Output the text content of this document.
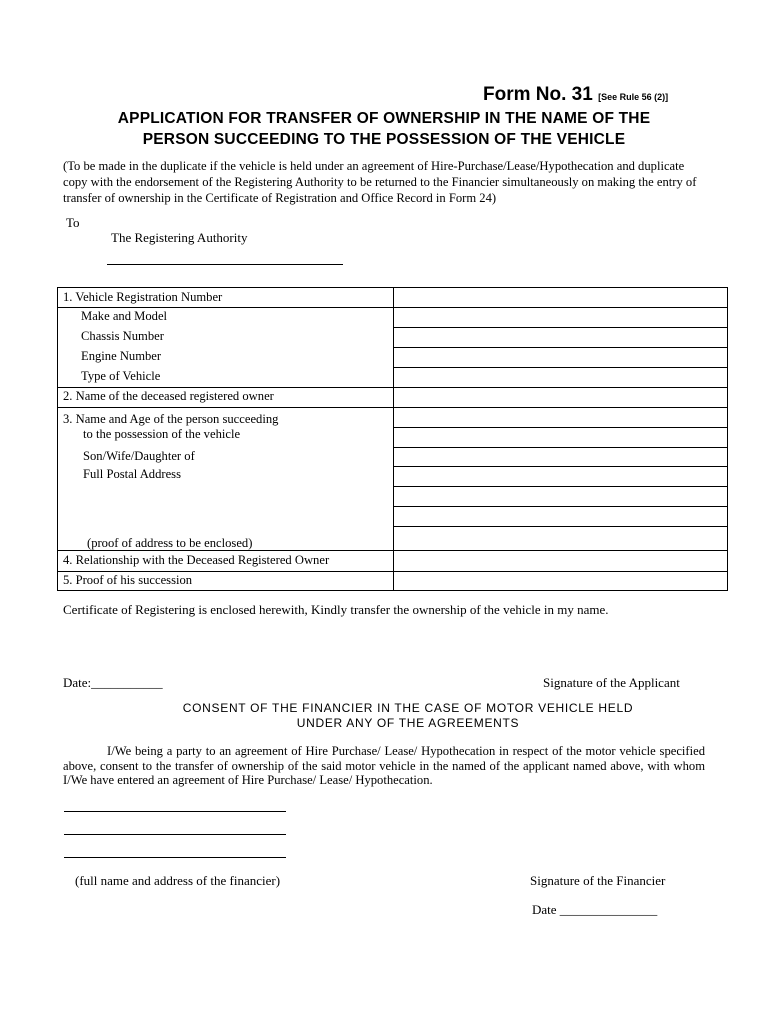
Form No. 31 [See Rule 56 (2)]
APPLICATION FOR TRANSFER OF OWNERSHIP IN THE NAME OF THE
PERSON SUCCEEDING TO THE POSSESSION OF THE VEHICLE
(To be made in the duplicate if the vehicle is held under an agreement of Hire-Purchase/Lease/Hypothecation and duplicate copy with the endorsement of the Registering Authority to be returned to the Financier simultaneously on making the entry of transfer of ownership in the Certificate of Registration and Office Record in Form 24)
To
The Registering Authority
1. Vehicle Registration Number
Make and Model
Chassis Number
Engine Number
Type of Vehicle
2. Name of the deceased registered owner
3. Name and Age of the person succeeding
to the possession of the vehicle
Son/Wife/Daughter of
Full Postal Address
(proof of address to be enclosed)
4. Relationship with the Deceased Registered Owner
5. Proof of his succession
Certificate of Registering is enclosed herewith, Kindly transfer the ownership of the vehicle in my name.
Date:___________	Signature of the Applicant
CONSENT OF THE FINANCIER IN THE CASE OF MOTOR VEHICLE HELD
UNDER ANY OF THE AGREEMENTS
I/We being a party to an agreement of Hire Purchase/ Lease/ Hypothecation in respect of the motor vehicle specified above, consent to the transfer of ownership of the said motor vehicle in the named of the applicant named above, with whom I/We have entered an agreement of Hire Purchase/ Lease/ Hypothecation.
(full name and address of the financier)	Signature of the Financier
Date _______________
